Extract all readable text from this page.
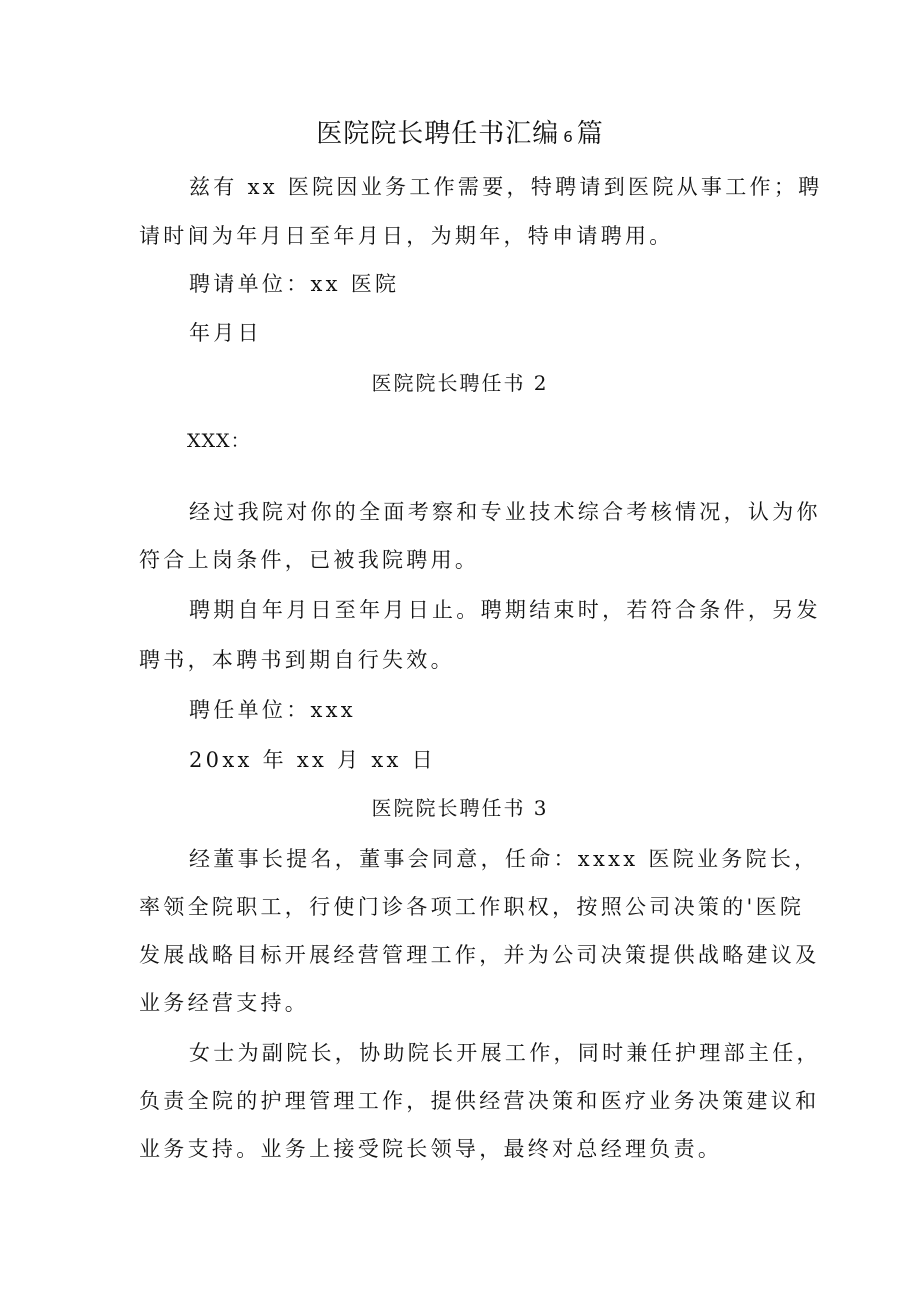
医院院长聘任书汇编 6 篇
兹有 xx 医院因业务工作需要，特聘请到医院从事工作；聘
请时间为年月日至年月日，为期年，特申请聘用。
聘请单位：xx 医院
年月日
医院院长聘任书 2
XXX：
经过我院对你的全面考察和专业技术综合考核情况，认为你
符合上岗条件，已被我院聘用。
聘期自年月日至年月日止。聘期结束时，若符合条件，另发
聘书，本聘书到期自行失效。
聘任单位：xxx
20xx 年 xx 月 xx 日
医院院长聘任书 3
经董事长提名，董事会同意，任命：xxxx 医院业务院长，
率领全院职工，行使门诊各项工作职权，按照公司决策的'医院
发展战略目标开展经营管理工作，并为公司决策提供战略建议及
业务经营支持。
女士为副院长，协助院长开展工作，同时兼任护理部主任，
负责全院的护理管理工作，提供经营决策和医疗业务决策建议和
业务支持。业务上接受院长领导，最终对总经理负责。
